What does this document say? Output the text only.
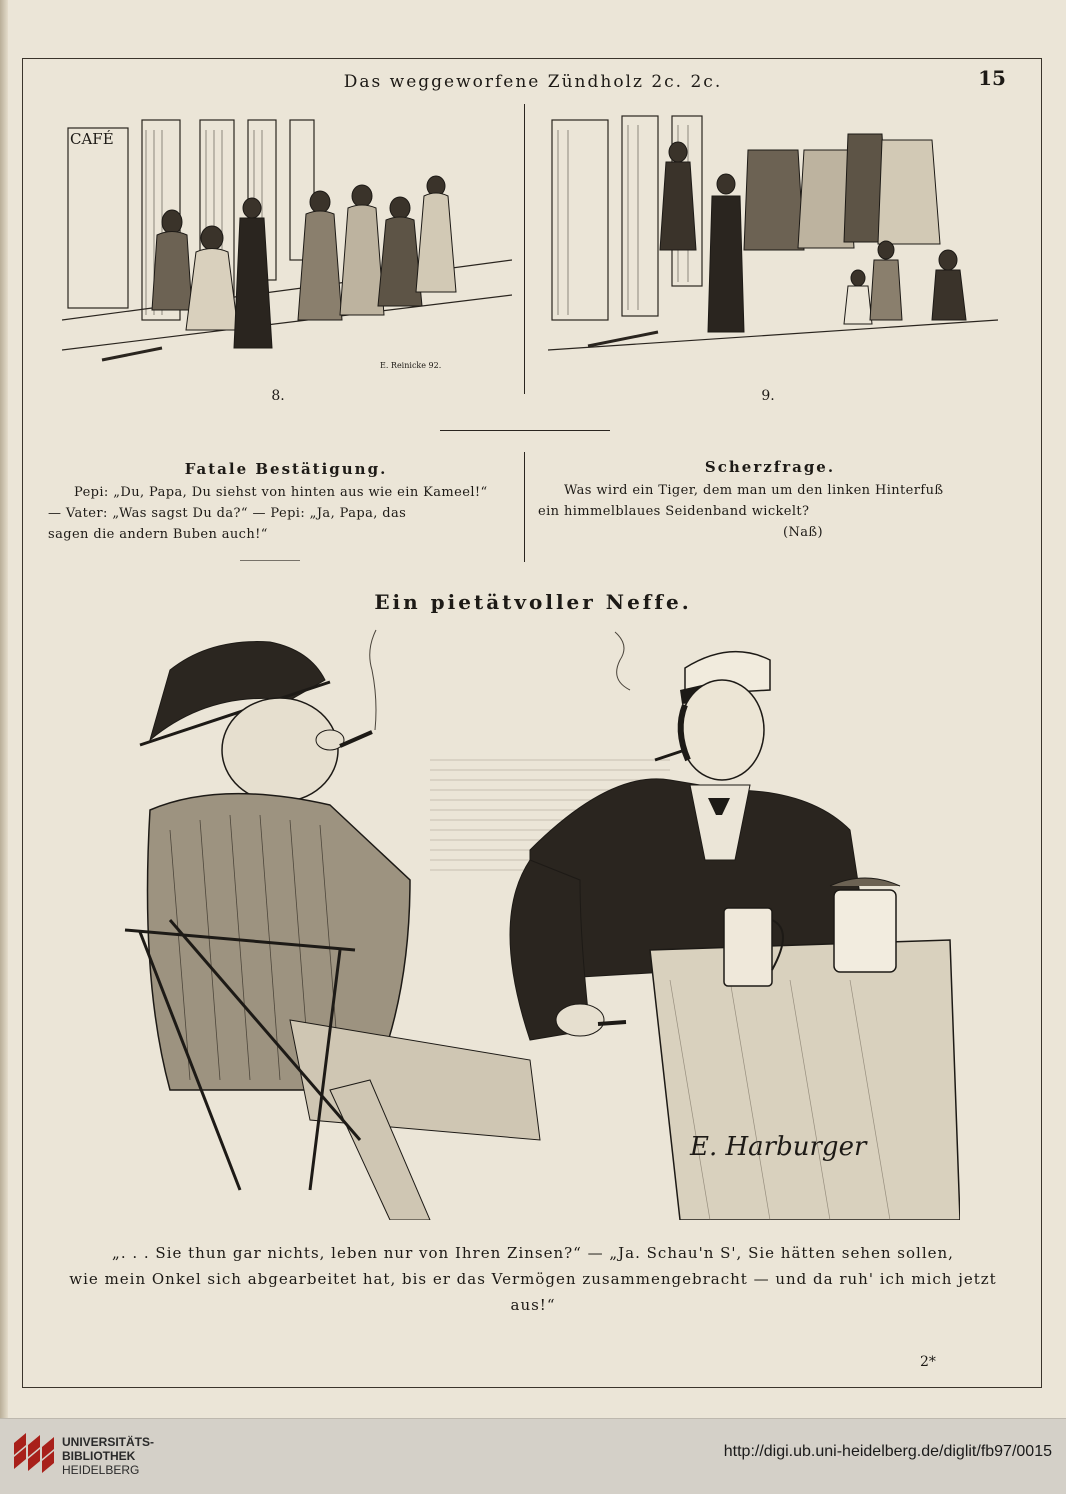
Das weggeworfene Zündholz 2c. 2c.	15
CAFÉ
E. Reinicke 92.
8.	9.
Fatale Bestätigung.
Pepi: „Du, Papa, Du siehst von hinten aus wie ein Kameel!“
— Vater: „Was sagst Du da?“ — Pepi: „Ja, Papa, das
sagen die andern Buben auch!“
Scherzfrage.
Was wird ein Tiger, dem man um den linken Hinterfuß
ein himmelblaues Seidenband wickelt?
(Naß)
Ein pietätvoller Neffe.
E. Harburger
„. . . Sie thun gar nichts, leben nur von Ihren Zinsen?“ — „Ja. Schau'n S', Sie hätten sehen sollen,
wie mein Onkel sich abgearbeitet hat, bis er das Vermögen zusammengebracht — und da ruh' ich mich jetzt aus!“
2*
UNIVERSITÄTS-
BIBLIOTHEK
HEIDELBERG
http://digi.ub.uni-heidelberg.de/diglit/fb97/0015
